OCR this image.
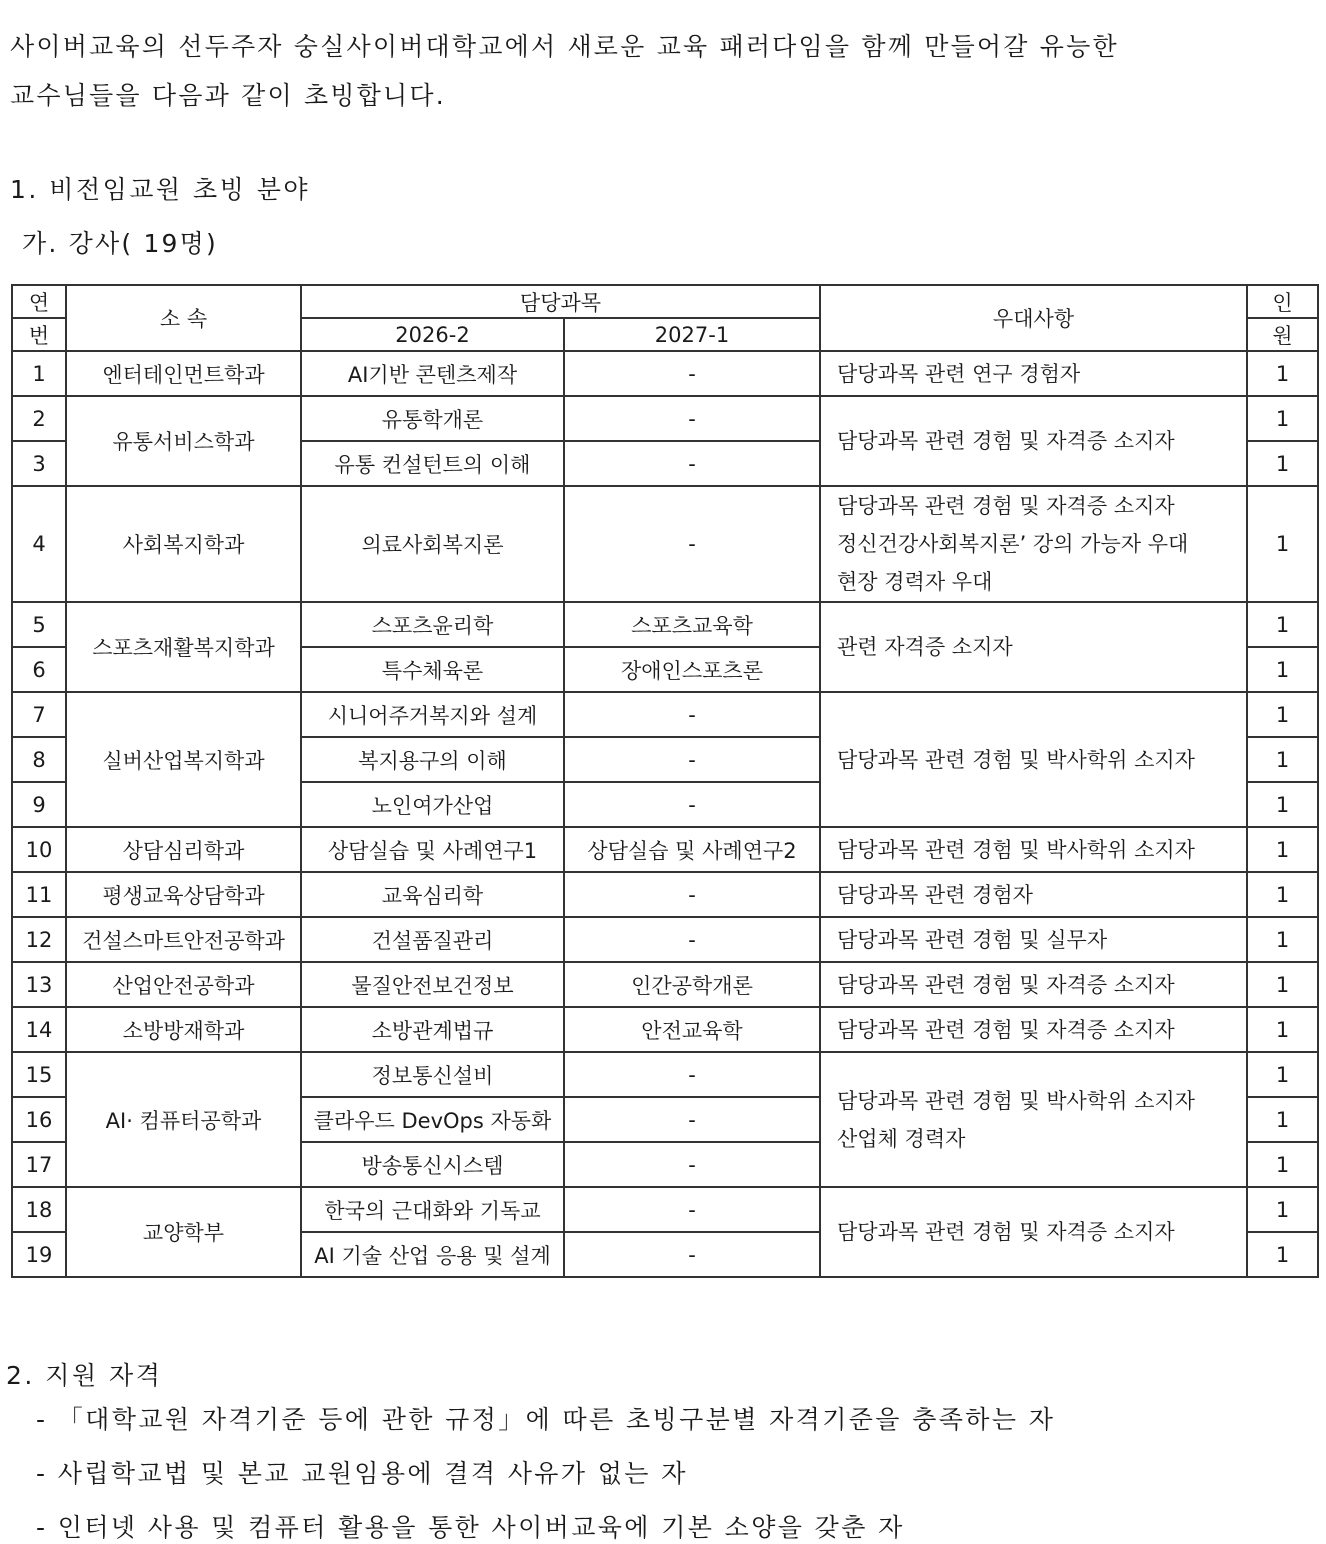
사이버교육의 선두주자 숭실사이버대학교에서 새로운 교육 패러다임을 함께 만들어갈 유능한
교수님들을 다음과 같이 초빙합니다.

1. 비전임교원 초빙 분야

가. 강사( 19명)

연	소 속	담당과목		우대사항	인
번		2026-2	2027-1		원
1	엔터테인먼트학과	AI기반 콘텐츠제작	-	담당과목 관련 연구 경험자	1
2	유통서비스학과	유통학개론	-	담당과목 관련 경험 및 자격증 소지자	1
3		유통 컨설턴트의 이해	-		1
4	사회복지학과	의료사회복지론	-	담당과목 관련 경험 및 자격증 소지자
정신건강사회복지론’ 강의 가능자 우대
현장 경력자 우대	1
5	스포츠재활복지학과	스포츠윤리학	스포츠교육학	관련 자격증 소지자	1
6		특수체육론	장애인스포츠론		1
7	실버산업복지학과	시니어주거복지와 설계	-	담당과목 관련 경험 및 박사학위 소지자	1
8		복지용구의 이해	-		1
9		노인여가산업	-		1
10	상담심리학과	상담실습 및 사례연구1	상담실습 및 사례연구2	담당과목 관련 경험 및 박사학위 소지자	1
11	평생교육상담학과	교육심리학	-	담당과목 관련 경험자	1
12	건설스마트안전공학과	건설품질관리	-	담당과목 관련 경험 및 실무자	1
13	산업안전공학과	물질안전보건정보	인간공학개론	담당과목 관련 경험 및 자격증 소지자	1
14	소방방재학과	소방관계법규	안전교육학	담당과목 관련 경험 및 자격증 소지자	1
15	AI· 컴퓨터공학과	정보통신설비	-	담당과목 관련 경험 및 박사학위 소지자
산업체 경력자	1
16		클라우드 DevOps 자동화	-		1
17		방송통신시스템	-		1
18	교양학부	한국의 근대화와 기독교	-	담당과목 관련 경험 및 자격증 소지자	1
19		AI 기술 산업 응용 및 설계	-		1

2. 지원 자격

- 「대학교원 자격기준 등에 관한 규정」에 따른 초빙구분별 자격기준을 충족하는 자

- 사립학교법 및 본교 교원임용에 결격 사유가 없는 자

- 인터넷 사용 및 컴퓨터 활용을 통한 사이버교육에 기본 소양을 갖춘 자
